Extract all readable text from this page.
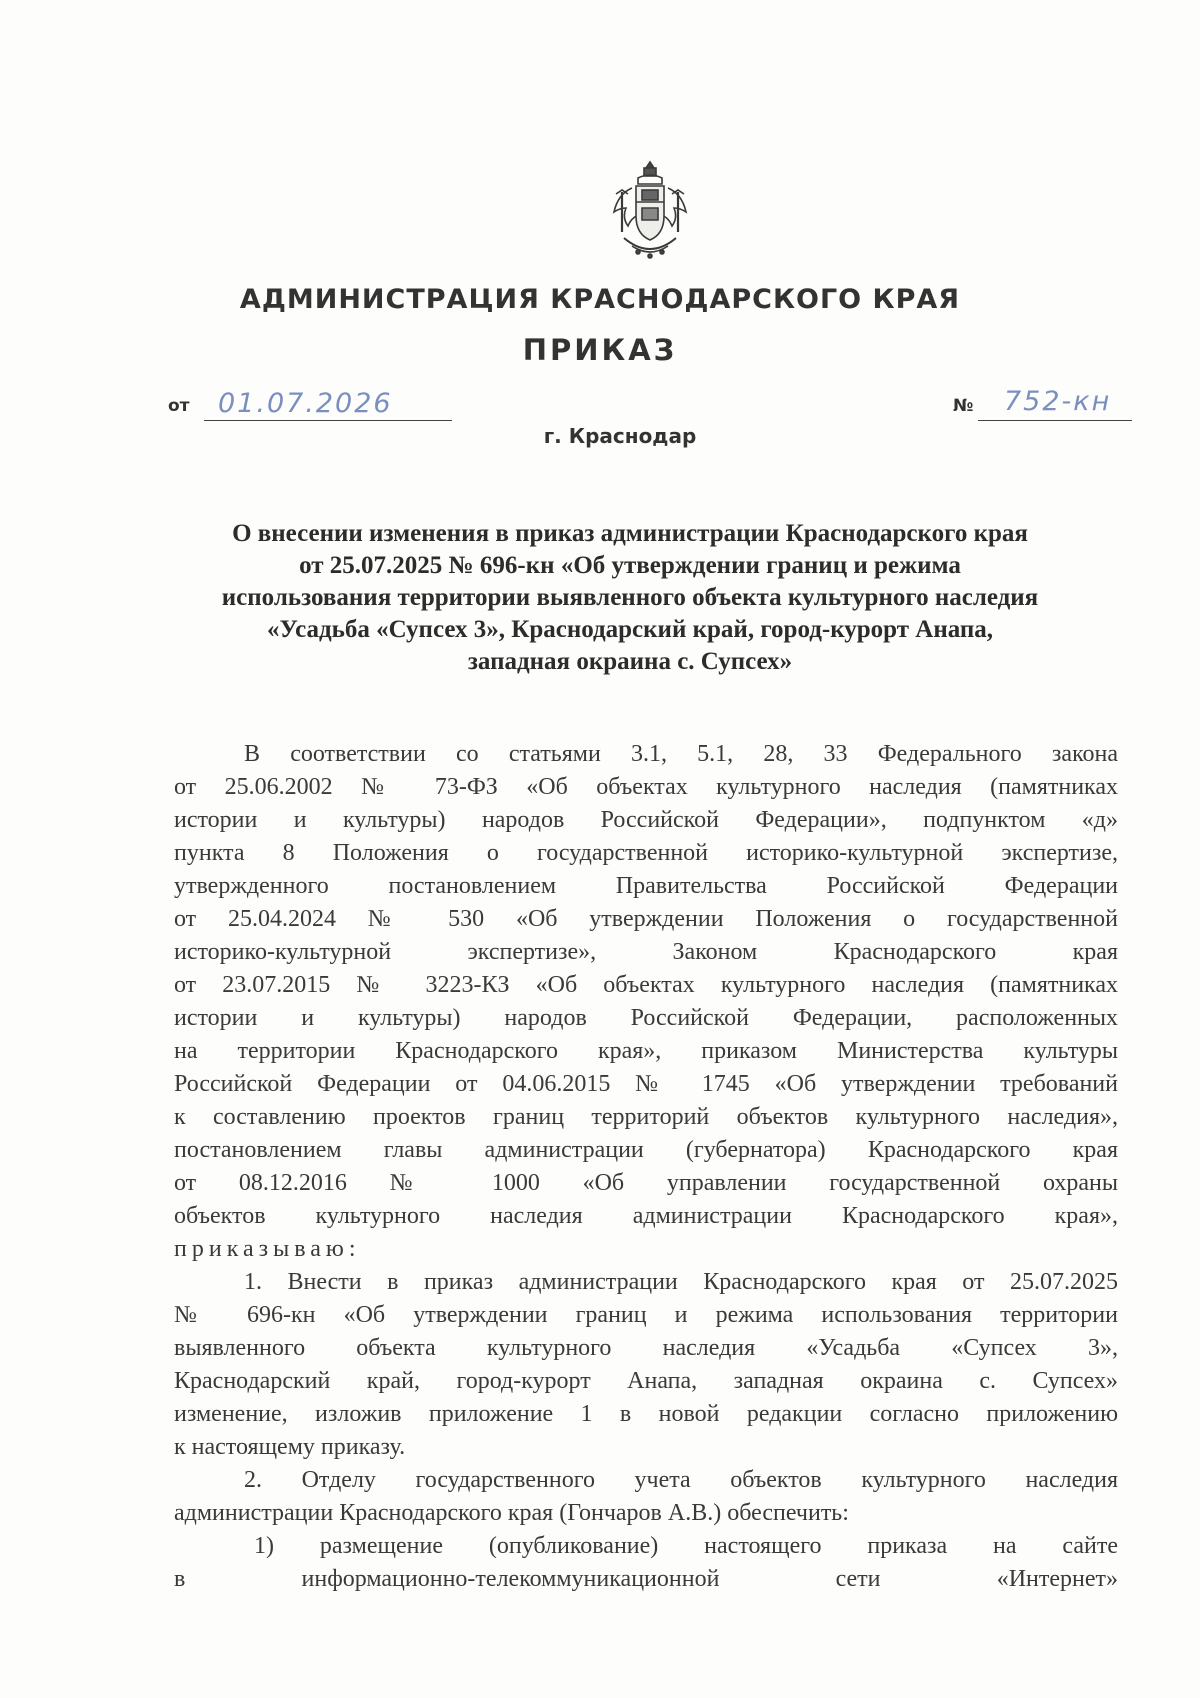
АДМИНИСТРАЦИЯ КРАСНОДАРСКОГО КРАЯ
ПРИКАЗ
от 01.07.2026	№ 752-кн
г. Краснодар
О внесении изменения в приказ администрации Краснодарского края
от 25.07.2025 № 696-кн «Об утверждении границ и режима
использования территории выявленного объекта культурного наследия
«Усадьба «Супсех 3», Краснодарский край, город-курорт Анапа,
западная окраина с. Супсех»
В соответствии со статьями 3.1, 5.1, 28, 33 Федерального закона
от 25.06.2002 № 73-ФЗ «Об объектах культурного наследия (памятниках
истории и культуры) народов Российской Федерации», подпунктом «д»
пункта 8 Положения о государственной историко-культурной экспертизе,
утвержденного постановлением Правительства Российской Федерации
от 25.04.2024 № 530 «Об утверждении Положения о государственной
историко-культурной экспертизе», Законом Краснодарского края
от 23.07.2015 № 3223-КЗ «Об объектах культурного наследия (памятниках
истории и культуры) народов Российской Федерации, расположенных
на территории Краснодарского края», приказом Министерства культуры
Российской Федерации от 04.06.2015 № 1745 «Об утверждении требований
к составлению проектов границ территорий объектов культурного наследия»,
постановлением главы администрации (губернатора) Краснодарского края
от 08.12.2016 № 1000 «Об управлении государственной охраны
объектов культурного наследия администрации Краснодарского края»,
приказываю:
1. Внести в приказ администрации Краснодарского края от 25.07.2025
№ 696-кн «Об утверждении границ и режима использования территории
выявленного объекта культурного наследия «Усадьба «Супсех 3»,
Краснодарский край, город-курорт Анапа, западная окраина с. Супсех»
изменение, изложив приложение 1 в новой редакции согласно приложению
к настоящему приказу.
2. Отделу государственного учета объектов культурного наследия
администрации Краснодарского края (Гончаров А.В.) обеспечить:
1) размещение (опубликование) настоящего приказа на сайте
в информационно-телекоммуникационной сети «Интернет»
